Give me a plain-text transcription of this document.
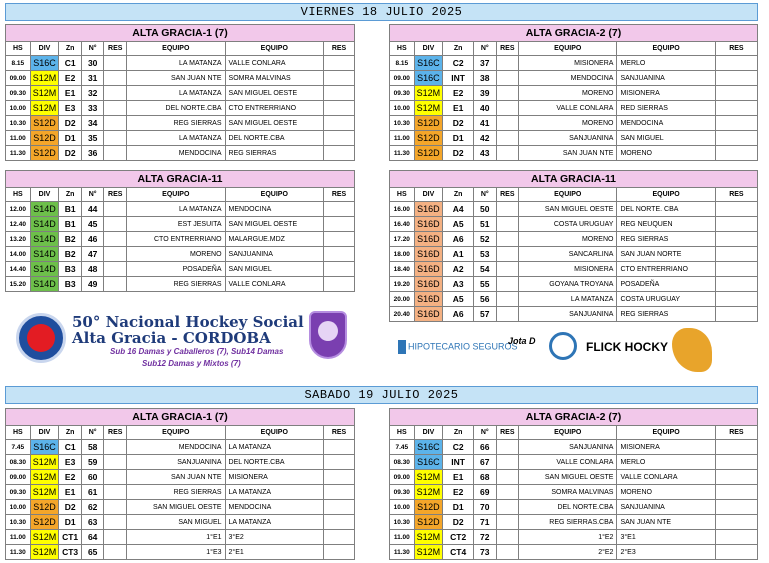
VIERNES 18 JULIO 2025
SABADO 19 JULIO 2025
ALTA GRACIA-1 (7)							
HS	DIV	Zn	N°	RES	EQUIPO	EQUIPO	RES
8.15	S16C	C1	30		LA MATANZA	VALLE CONLARA	
09.00	S12M	E2	31		SAN JUAN NTE	SOMRA MALVINAS	
09.30	S12M	E1	32		LA MATANZA	SAN MIGUEL OESTE	
10.00	S12M	E3	33		DEL NORTE.CBA	CTO ENTRERRIANO	
10.30	S12D	D2	34		REG SIERRAS	SAN MIGUEL OESTE	
11.00	S12D	D1	35		LA MATANZA	DEL NORTE.CBA	
11.30	S12D	D2	36		MENDOCINA	REG SIERRAS	
ALTA GRACIA-2 (7)							
HS	DIV	Zn	N°	RES	EQUIPO	EQUIPO	RES
8.15	S16C	C2	37		MISIONERA	MERLO	
09.00	S16C	INT	38		MENDOCINA	SANJUANINA	
09.30	S12M	E2	39		MORENO	MISIONERA	
10.00	S12M	E1	40		VALLE CONLARA	RED SIERRAS	
10.30	S12D	D2	41		MORENO	MENDOCINA	
11.00	S12D	D1	42		SANJUANINA	SAN MIGUEL	
11.30	S12D	D2	43		SAN JUAN NTE	MORENO	
ALTA GRACIA-11							
HS	DIV	Zn	N°	RES	EQUIPO	EQUIPO	RES
12.00	S14D	B1	44		LA MATANZA	MENDOCINA	
12.40	S14D	B1	45		EST JESUITA	SAN MIGUEL OESTE	
13.20	S14D	B2	46		CTO ENTRERRIANO	MALARGUE.MDZ	
14.00	S14D	B2	47		MORENO	SANJUANINA	
14.40	S14D	B3	48		POSADEÑA	SAN MIGUEL	
15.20	S14D	B3	49		REG SIERRAS	VALLE CONLARA	
ALTA GRACIA-11							
HS	DIV	Zn	N°	RES	EQUIPO	EQUIPO	RES
16.00	S16D	A4	50		SAN MIGUEL OESTE	DEL NORTE. CBA	
16.40	S16D	A5	51		COSTA URUGUAY	REG NEUQUEN	
17.20	S16D	A6	52		MORENO	REG SIERRAS	
18.00	S16D	A1	53		SANCARLINA	SAN JUAN NORTE	
18.40	S16D	A2	54		MISIONERA	CTO ENTRERRIANO	
19.20	S16D	A3	55		GOYANA TROYANA	POSADEÑA	
20.00	S16D	A5	56		LA MATANZA	COSTA URUGUAY	
20.40	S16D	A6	57		SANJUANINA	REG SIERRAS	
ALTA GRACIA-1 (7)							
HS	DIV	Zn	N°	RES	EQUIPO	EQUIPO	RES
7.45	S16C	C1	58		MENDOCINA	LA MATANZA	
08.30	S12M	E3	59		SANJUANINA	DEL NORTE.CBA	
09.00	S12M	E2	60		SAN JUAN NTE	MISIONERA	
09.30	S12M	E1	61		REG SIERRAS	LA MATANZA	
10.00	S12D	D2	62		SAN MIGUEL OESTE	MENDOCINA	
10.30	S12D	D1	63		SAN MIGUEL	LA MATANZA	
11.00	S12M	CT1	64		1°E1	3°E2	
11.30	S12M	CT3	65		1°E3	2°E1	
ALTA GRACIA-2 (7)							
HS	DIV	Zn	N°	RES	EQUIPO	EQUIPO	RES
7.45	S16C	C2	66		SANJUANINA	MISIONERA	
08.30	S16C	INT	67		VALLE CONLARA	MERLO	
09.00	S12M	E1	68		SAN MIGUEL OESTE	VALLE CONLARA	
09.30	S12M	E2	69		SOMRA MALVINAS	MORENO	
10.00	S12D	D1	70		DEL NORTE.CBA	SANJUANINA	
10.30	S12D	D2	71		REG SIERRAS.CBA	SAN JUAN NTE	
11.00	S12M	CT2	72		1°E2	3°E1	
11.30	S12M	CT4	73		2°E2	2°E3	
50° Nacional Hockey Social
Alta Gracia - CORDOBA
Sub 16 Damas y Caballeros (7), Sub14 Damas
Sub12 Damas y Mixtos (7)
HIPOTECARIO SEGUROS
Jota D	FLICK HOCKY
